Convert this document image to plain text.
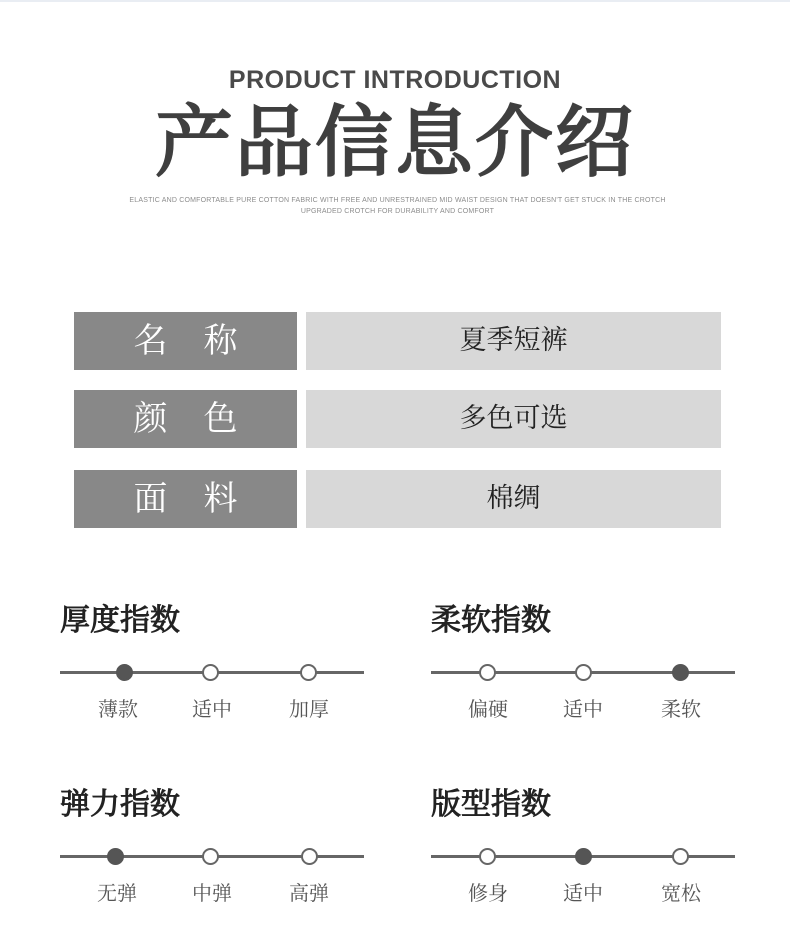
PRODUCT INTRODUCTION
产品信息介绍
ELASTIC AND COMFORTABLE PURE COTTON FABRIC WITH FREE AND UNRESTRAINED MID WAIST DESIGN THAT DOESN'T GET STUCK IN THE CROTCH UPGRADED CROTCH FOR DURABILITY AND COMFORT
名称	夏季短裤
颜色	多色可选
面料	棉绸
厚度指数
薄款	适中	加厚
柔软指数
偏硬	适中	柔软
弹力指数
无弹	中弹	高弹
版型指数
修身	适中	宽松
